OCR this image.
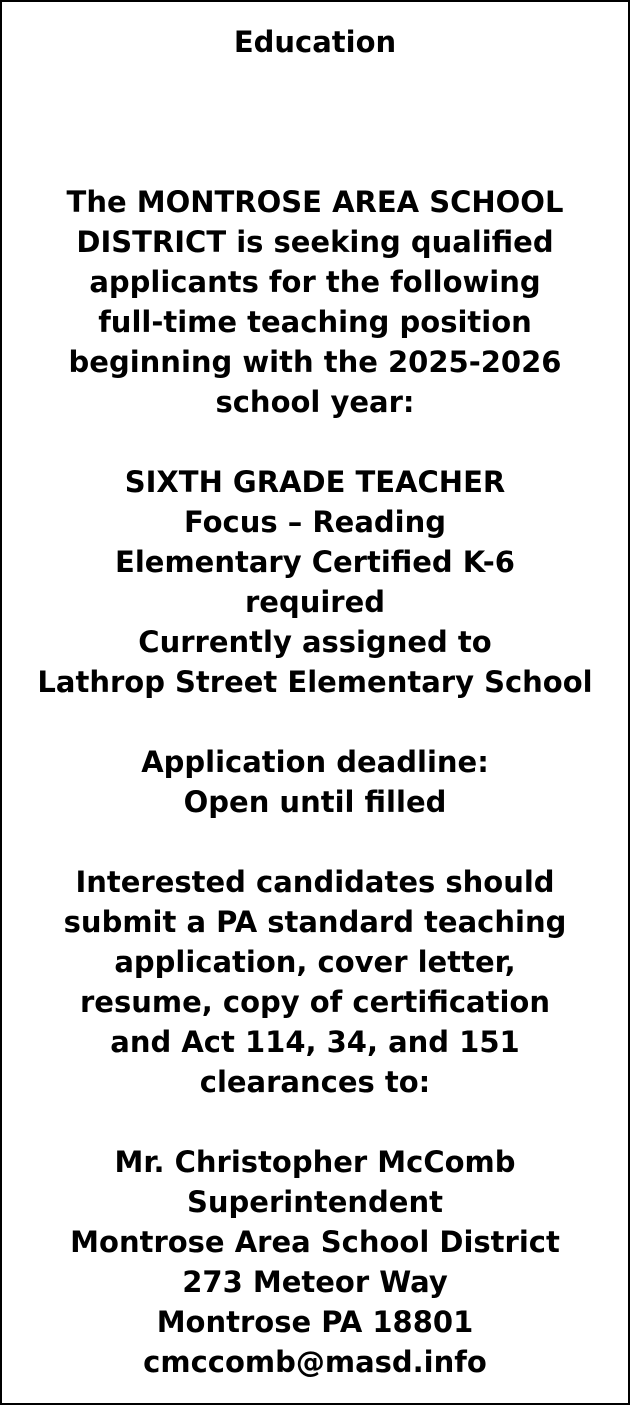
Education
The MONTROSE AREA SCHOOL
DISTRICT is seeking qualified
applicants for the following
full-time teaching position
beginning with the 2025-2026
school year:
SIXTH GRADE TEACHER
Focus – Reading
Elementary Certified K-6
required
Currently assigned to
Lathrop Street Elementary School
Application deadline:
Open until filled
Interested candidates should
submit a PA standard teaching
application, cover letter,
resume, copy of certification
and Act 114, 34, and 151
clearances to:
Mr. Christopher McComb
Superintendent
Montrose Area School District
273 Meteor Way
Montrose PA 18801
cmccomb@masd.info
